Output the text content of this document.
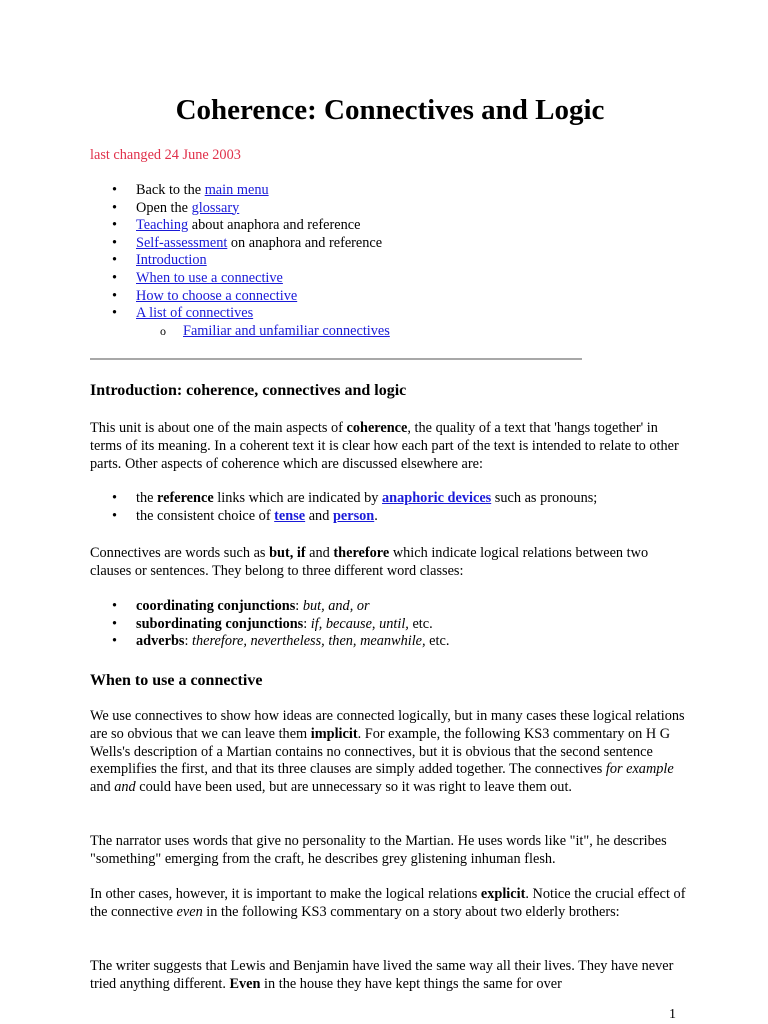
Coherence: Connectives and Logic
last changed 24 June 2003
• Back to the main menu
• Open the glossary
• Teaching about anaphora and reference
• Self-assessment on anaphora and reference
• Introduction
• When to use a connective
• How to choose a connective
• A list of connectives
o Familiar and unfamiliar connectives
Introduction: coherence, connectives and logic

This unit is about one of the main aspects of coherence, the quality of a text that 'hangs together' in terms of its meaning. In a coherent text it is clear how each part of the text is intended to relate to other parts. Other aspects of coherence which are discussed elsewhere are:

• the reference links which are indicated by anaphoric devices such as pronouns;
• the consistent choice of tense and person.

Connectives are words such as but, if and therefore which indicate logical relations between two clauses or sentences. They belong to three different word classes:

• coordinating conjunctions: but, and, or
• subordinating conjunctions: if, because, until, etc.
• adverbs: therefore, nevertheless, then, meanwhile, etc.
When to use a connective

We use connectives to show how ideas are connected logically, but in many cases these logical relations are so obvious that we can leave them implicit. For example, the following KS3 commentary on H G Wells's description of a Martian contains no connectives, but it is obvious that the second sentence exemplifies the first, and that its three clauses are simply added together. The connectives for example and and could have been used, but are unnecessary so it was right to leave them out.

The narrator uses words that give no personality to the Martian. He uses words like "it", he describes "something" emerging from the craft, he describes grey glistening inhuman flesh.

In other cases, however, it is important to make the logical relations explicit. Notice the crucial effect of the connective even in the following KS3 commentary on a story about two elderly brothers:

The writer suggests that Lewis and Benjamin have lived the same way all their lives. They have never tried anything different. Even in the house they have kept things the same for over

1
